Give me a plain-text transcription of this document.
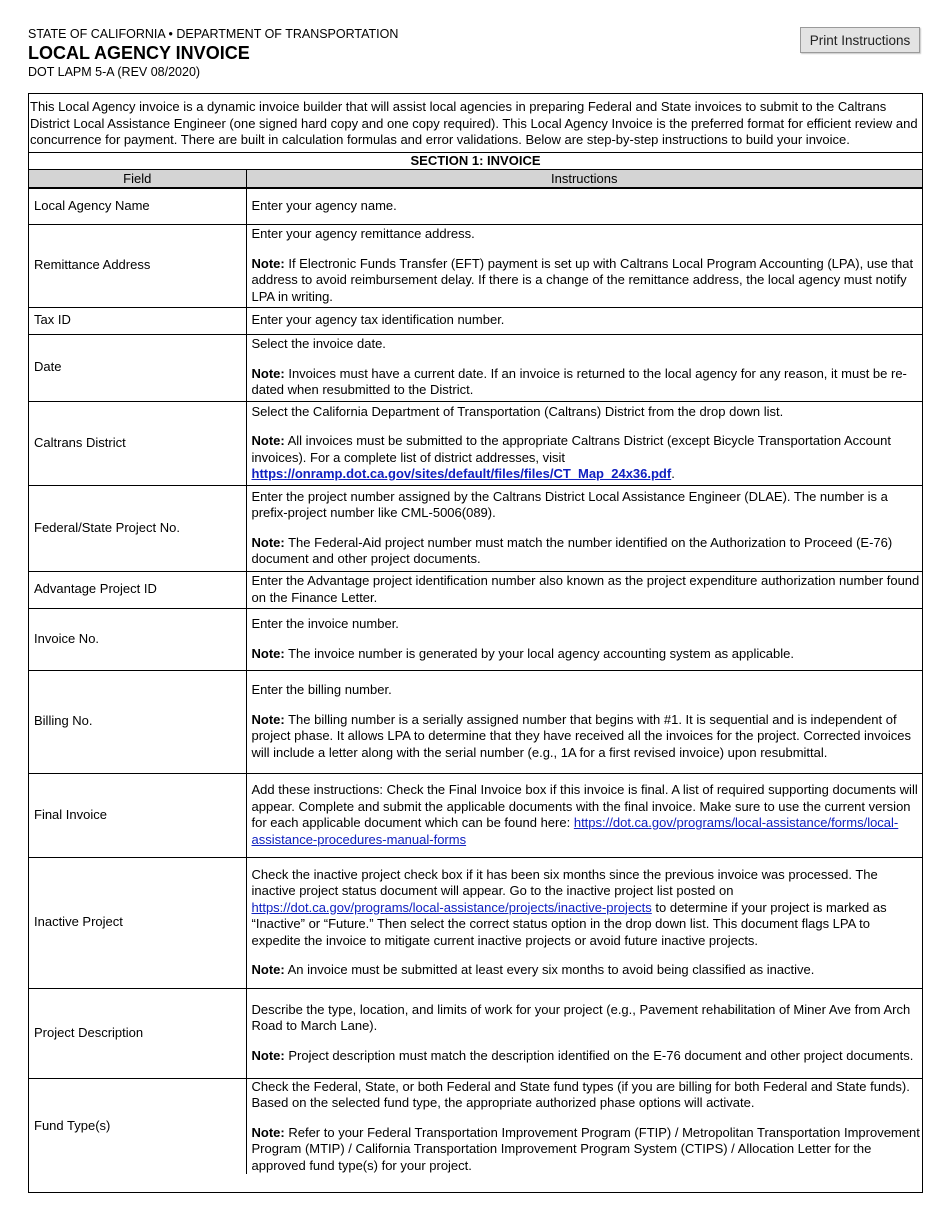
STATE OF CALIFORNIA • DEPARTMENT OF TRANSPORTATION
LOCAL AGENCY INVOICE
DOT LAPM 5-A (REV 08/2020)
Print Instructions
This Local Agency invoice is a dynamic invoice builder that will assist local agencies in preparing Federal and State invoices to submit to the Caltrans District Local Assistance Engineer (one signed hard copy and one copy required). This Local Agency Invoice is the preferred format for efficient review and concurrence for payment. There are built in calculation formulas and error validations. Below are step-by-step instructions to build your invoice.
SECTION 1: INVOICE
Field	Instructions
Local Agency Name	Enter your agency name.

Remittance Address	Enter your agency remittance address.

Note: If Electronic Funds Transfer (EFT) payment is set up with Caltrans Local Program Accounting (LPA), use that address to avoid reimbursement delay. If there is a change of the remittance address, the local agency must notify LPA in writing.

Tax ID	Enter your agency tax identification number.

Date	Select the invoice date.

Note: Invoices must have a current date. If an invoice is returned to the local agency for any reason, it must be re-dated when resubmitted to the District.

Caltrans District	Select the California Department of Transportation (Caltrans) District from the drop down list.

Note: All invoices must be submitted to the appropriate Caltrans District (except Bicycle Transportation Account invoices). For a complete list of district addresses, visit https://onramp.dot.ca.gov/sites/default/files/files/CT_Map_24x36.pdf.

Federal/State Project No.	Enter the project number assigned by the Caltrans District Local Assistance Engineer (DLAE). The number is a prefix-project number like CML-5006(089).

Note: The Federal-Aid project number must match the number identified on the Authorization to Proceed (E-76) document and other project documents.

Advantage Project ID	Enter the Advantage project identification number also known as the project expenditure authorization number found on the Finance Letter.

Invoice No.	Enter the invoice number.

Note: The invoice number is generated by your local agency accounting system as applicable.

Billing No.	Enter the billing number.

Note: The billing number is a serially assigned number that begins with #1. It is sequential and is independent of project phase. It allows LPA to determine that they have received all the invoices for the project. Corrected invoices will include a letter along with the serial number (e.g., 1A for a first revised invoice) upon resubmittal.

Final Invoice	Add these instructions: Check the Final Invoice box if this invoice is final. A list of required supporting documents will appear. Complete and submit the applicable documents with the final invoice. Make sure to use the current version for each applicable document which can be found here: https://dot.ca.gov/programs/local-assistance/forms/local-assistance-procedures-manual-forms

Inactive Project	Check the inactive project check box if it has been six months since the previous invoice was processed. The inactive project status document will appear. Go to the inactive project list posted on https://dot.ca.gov/programs/local-assistance/projects/inactive-projects to determine if your project is marked as “Inactive” or “Future.” Then select the correct status option in the drop down list. This document flags LPA to expedite the invoice to mitigate current inactive projects or avoid future inactive projects.

Note: An invoice must be submitted at least every six months to avoid being classified as inactive.

Project Description	Describe the type, location, and limits of work for your project (e.g., Pavement rehabilitation of Miner Ave from Arch Road to March Lane).

Note: Project description must match the description identified on the E-76 document and other project documents.

Fund Type(s)	Check the Federal, State, or both Federal and State fund types (if you are billing for both Federal and State funds). Based on the selected fund type, the appropriate authorized phase options will activate.

Note: Refer to your Federal Transportation Improvement Program (FTIP) / Metropolitan Transportation Improvement Program (MTIP) / California Transportation Improvement Program System (CTIPS) / Allocation Letter for the approved fund type(s) for your project.
